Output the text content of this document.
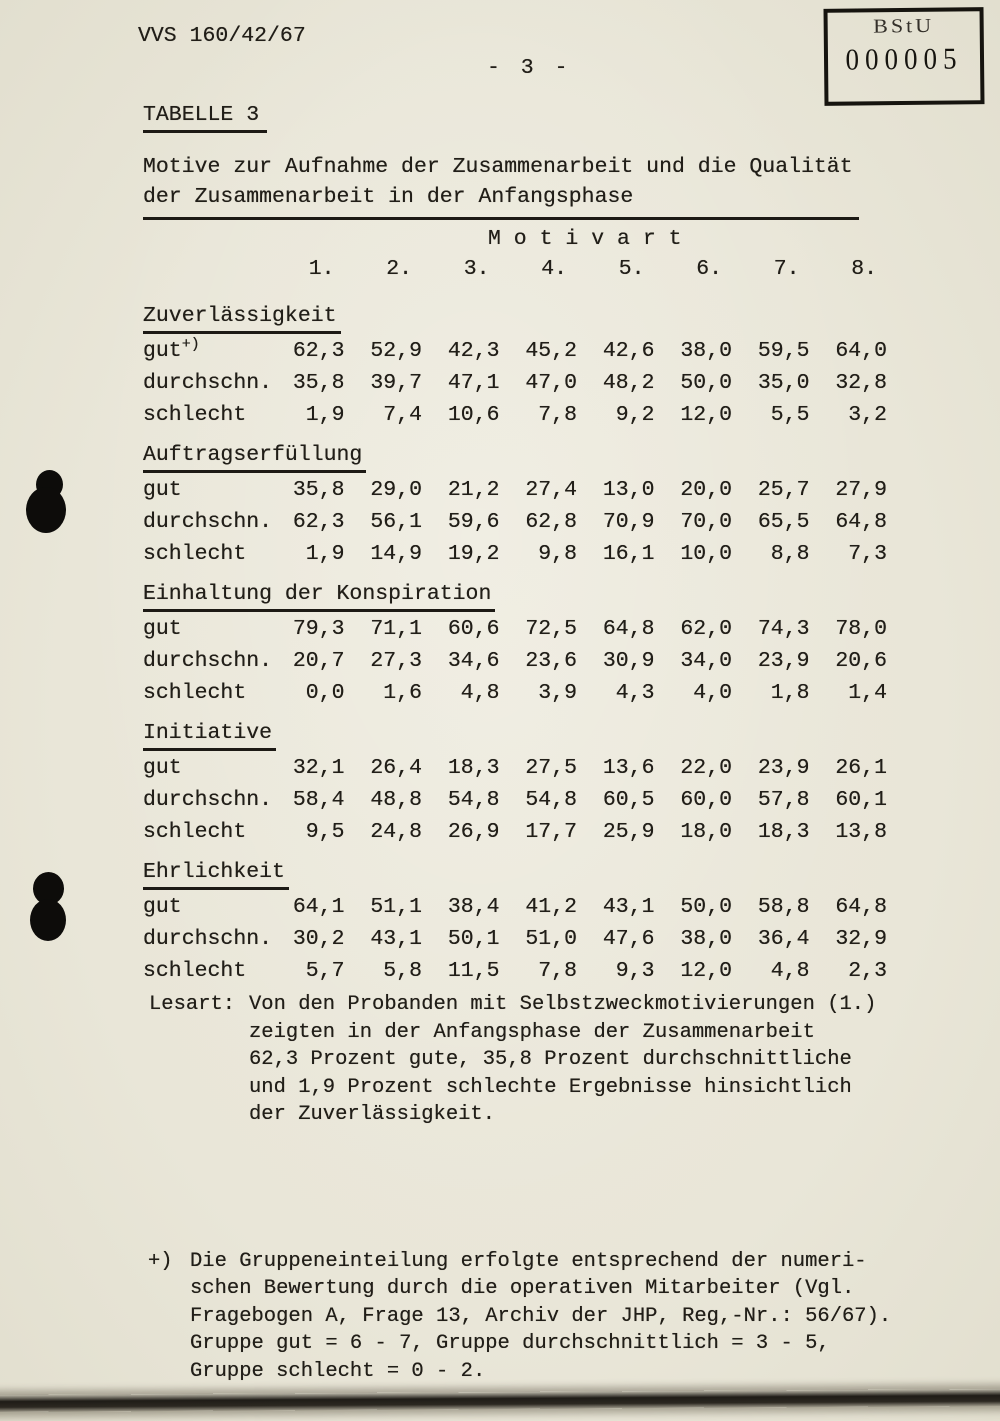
VVS 160/42/67
- 3 -
BStU
000005
TABELLE 3
Motive zur Aufnahme der Zusammenarbeit und die Qualität
der Zusammenarbeit in der Anfangsphase
M o t i v a r t
1. 2. 3. 4. 5. 6. 7. 8.
Zuverlässigkeit
gut+)	62,3	52,9	42,3	45,2	42,6	38,0	59,5	64,0
durchschn. 35,8	39,7	47,1	47,0	48,2	50,0	35,0	32,8
schlecht	1,9	7,4	10,6	7,8	9,2	12,0	5,5	3,2
Auftragserfüllung
gut	35,8	29,0	21,2	27,4	13,0	20,0	25,7	27,9
durchschn. 62,3	56,1	59,6	62,8	70,9	70,0	65,5	64,8
schlecht	1,9	14,9	19,2	9,8	16,1	10,0	8,8	7,3
Einhaltung der Konspiration
gut	79,3	71,1	60,6	72,5	64,8	62,0	74,3	78,0
durchschn. 20,7	27,3	34,6	23,6	30,9	34,0	23,9	20,6
schlecht	0,0	1,6	4,8	3,9	4,3	4,0	1,8	1,4
Initiative
gut	32,1	26,4	18,3	27,5	13,6	22,0	23,9	26,1
durchschn. 58,4	48,8	54,8	54,8	60,5	60,0	57,8	60,1
schlecht	9,5	24,8	26,9	17,7	25,9	18,0	18,3	13,8
Ehrlichkeit
gut	64,1	51,1	38,4	41,2	43,1	50,0	58,8	64,8
durchschn. 30,2	43,1	50,1	51,0	47,6	38,0	36,4	32,9
schlecht	5,7	5,8	11,5	7,8	9,3	12,0	4,8	2,3
Lesart: Von den Probanden mit Selbstzweckmotivierungen (1.)
zeigten in der Anfangsphase der Zusammenarbeit
62,3 Prozent gute, 35,8 Prozent durchschnittliche
und 1,9 Prozent schlechte Ergebnisse hinsichtlich
der Zuverlässigkeit.
+) Die Gruppeneinteilung erfolgte entsprechend der numeri-
schen Bewertung durch die operativen Mitarbeiter (Vgl.
Fragebogen A, Frage 13, Archiv der JHP, Reg,-Nr.: 56/67).
Gruppe gut = 6 - 7, Gruppe durchschnittlich = 3 - 5,
Gruppe schlecht = 0 - 2.
